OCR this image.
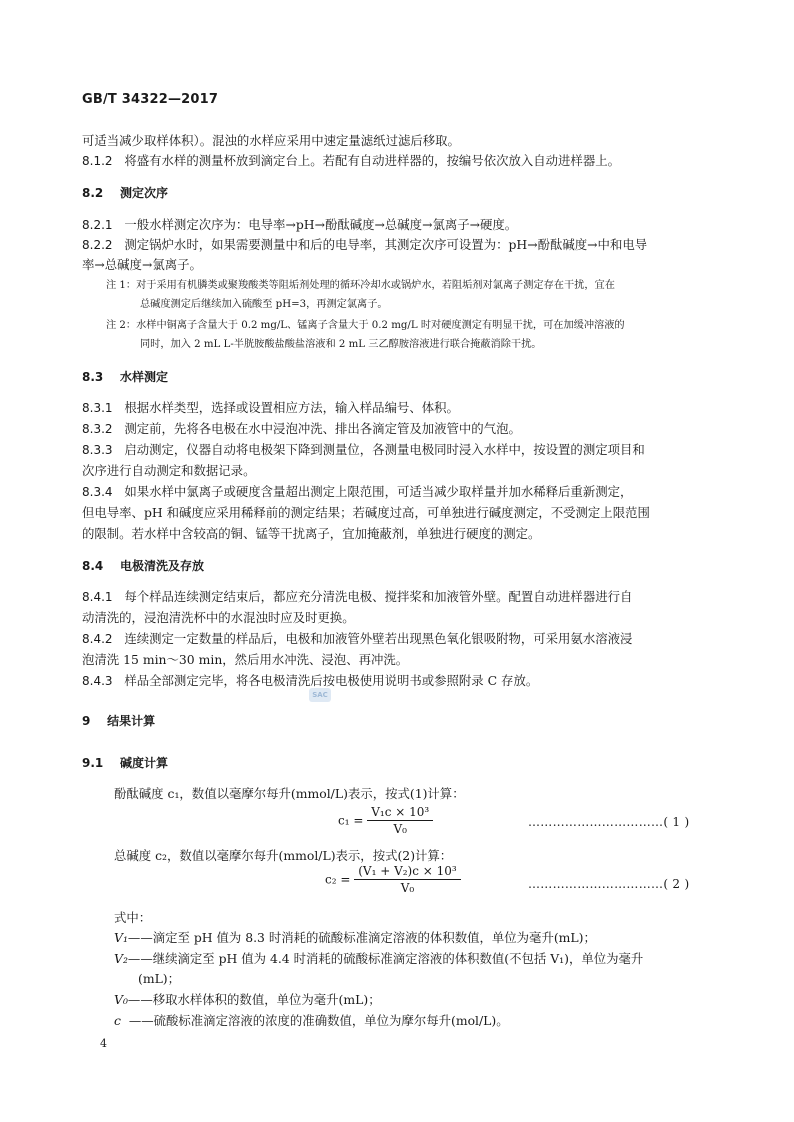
GB/T 34322—2017
可适当减少取样体积）。混浊的水样应采用中速定量滤纸过滤后移取。
8.1.2 将盛有水样的测量杯放到滴定台上。若配有自动进样器的，按编号依次放入自动进样器上。
8.2 测定次序
8.2.1 一般水样测定次序为：电导率→pH→酚酞碱度→总碱度→氯离子→硬度。
8.2.2 测定锅炉水时，如果需要测量中和后的电导率，其测定次序可设置为：pH→酚酞碱度→中和电导
率→总碱度→氯离子。
注 1：对于采用有机膦类或聚羧酸类等阻垢剂处理的循环冷却水或锅炉水，若阻垢剂对氯离子测定存在干扰，宜在
总碱度测定后继续加入硫酸至 pH=3，再测定氯离子。
注 2：水样中铜离子含量大于 0.2 mg/L、锰离子含量大于 0.2 mg/L 时对硬度测定有明显干扰，可在加缓冲溶液的
同时，加入 2 mL L-半胱胺酸盐酸盐溶液和 2 mL 三乙醇胺溶液进行联合掩蔽消除干扰。
8.3 水样测定
8.3.1 根据水样类型，选择或设置相应方法，输入样品编号、体积。
8.3.2 测定前，先将各电极在水中浸泡冲洗、排出各滴定管及加液管中的气泡。
8.3.3 启动测定，仪器自动将电极架下降到测量位，各测量电极同时浸入水样中，按设置的测定项目和
次序进行自动测定和数据记录。
8.3.4 如果水样中氯离子或硬度含量超出测定上限范围，可适当减少取样量并加水稀释后重新测定，
但电导率、pH 和碱度应采用稀释前的测定结果；若碱度过高，可单独进行碱度测定，不受测定上限范围
的限制。若水样中含较高的铜、锰等干扰离子，宜加掩蔽剂，单独进行硬度的测定。
8.4 电极清洗及存放
8.4.1 每个样品连续测定结束后，都应充分清洗电极、搅拌桨和加液管外壁。配置自动进样器进行自
动清洗的，浸泡清洗杯中的水混浊时应及时更换。
8.4.2 连续测定一定数量的样品后，电极和加液管外壁若出现黑色氧化银吸附物，可采用氨水溶液浸
泡清洗 15 min～30 min，然后用水冲洗、浸泡、再冲洗。
8.4.3 样品全部测定完毕，将各电极清洗后按电极使用说明书或参照附录 C 存放。
SAC
9 结果计算
9.1 碱度计算
酚酞碱度 c₁，数值以毫摩尔每升(mmol/L)表示，按式(1)计算：
$c_1 = \frac{\text{V₁c × 10³}}{\text{V₀}}$	……………………………( 1 )
总碱度 c₂，数值以毫摩尔每升(mmol/L)表示，按式(2)计算：
$c_2 = \frac{\text{(V₁ + V₂)c × 10³}}{\text{V₀}}$	……………………………( 2 )
式中：
V₁——滴定至 pH 值为 8.3 时消耗的硫酸标准滴定溶液的体积数值，单位为毫升(mL)；
V₂——继续滴定至 pH 值为 4.4 时消耗的硫酸标准滴定溶液的体积数值(不包括 V₁)，单位为毫升
(mL)；
V₀——移取水样体积的数值，单位为毫升(mL)；
c ——硫酸标准滴定溶液的浓度的准确数值，单位为摩尔每升(mol/L)。
4
